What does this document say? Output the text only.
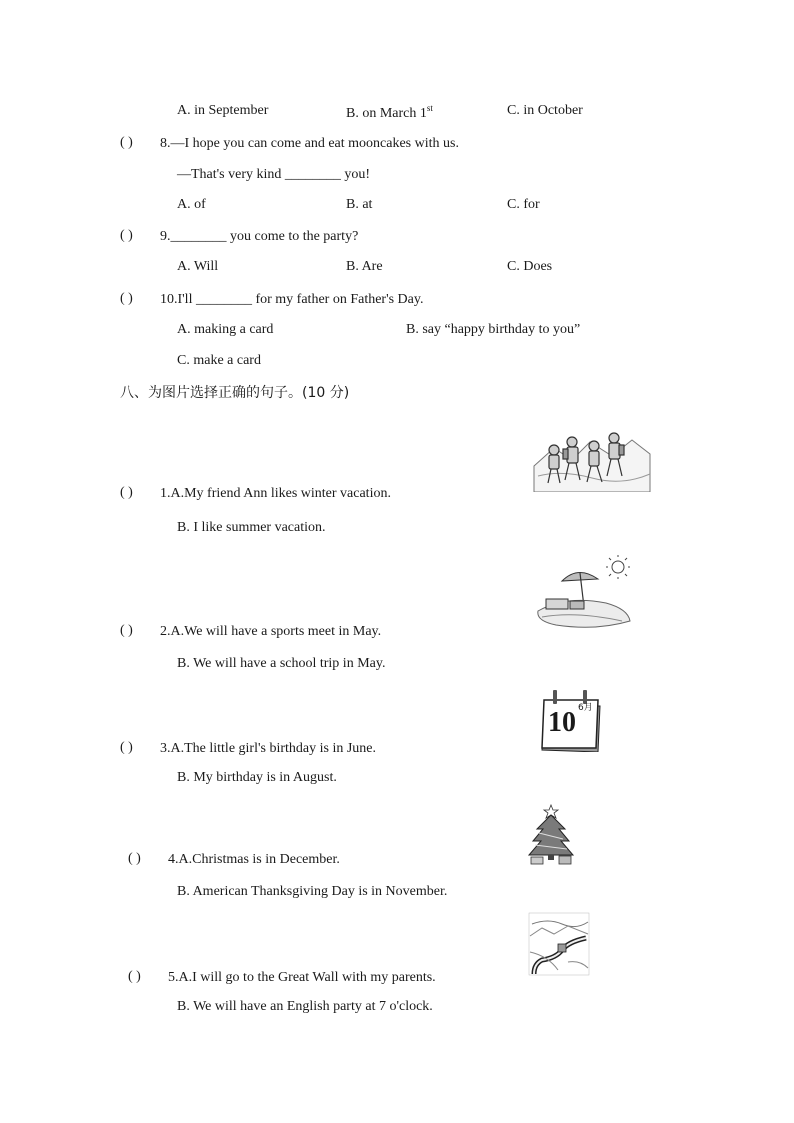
A. in September	B. on March 1st	C. in October
( ) 8.—I hope you can come and eat mooncakes with us.
—That's very kind ________ you!
A. of	B. at	C. for
( ) 9.________ you come to the party?
A. Will	B. Are	C. Does
( ) 10.I'll ________ for my father on Father's Day.
A. making a card	B. say “happy birthday to you”
C. make a card
八、为图片选择正确的句子。(10 分)
( ) 1.A.My friend Ann likes winter vacation.
B. I like summer vacation.
( ) 2.A.We will have a sports meet in May.
B. We will have a school trip in May.
( ) 3.A.The little girl's birthday is in June.
B. My birthday is in August.
6月
10
( ) 4.A.Christmas is in December.
B. American Thanksgiving Day is in November.
( ) 5.A.I will go to the Great Wall with my parents.
B. We will have an English party at 7 o'clock.
